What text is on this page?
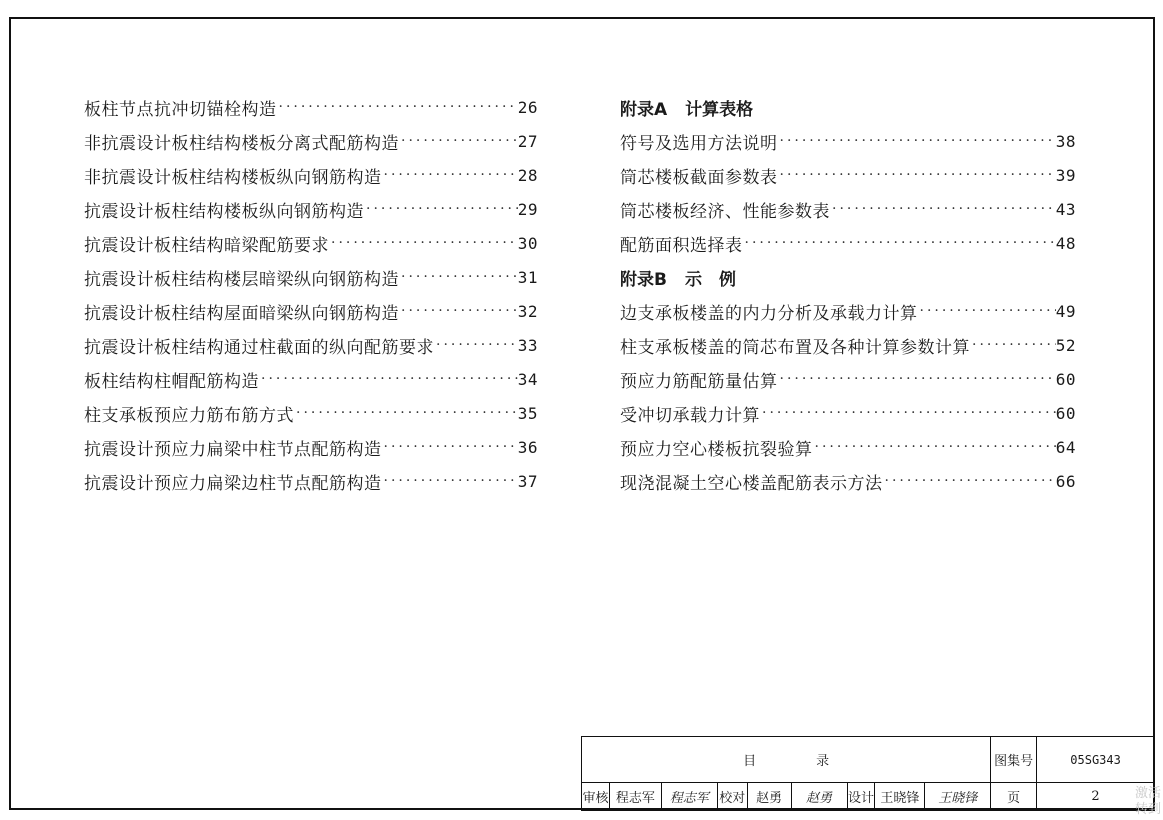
板柱节点抗冲切锚栓构造 ·····	26
非抗震设计板柱结构楼板分离式配筋构造 ·····	27
非抗震设计板柱结构楼板纵向钢筋构造 ·····	28
抗震设计板柱结构楼板纵向钢筋构造 ·····	29
抗震设计板柱结构暗梁配筋要求 ·····	30
抗震设计板柱结构楼层暗梁纵向钢筋构造 ·····	31
抗震设计板柱结构屋面暗梁纵向钢筋构造 ·····	32
抗震设计板柱结构通过柱截面的纵向配筋要求 ·····	33
板柱结构柱帽配筋构造 ·····	34
柱支承板预应力筋布筋方式 ·····	35
抗震设计预应力扁梁中柱节点配筋构造 ·····	36
抗震设计预应力扁梁边柱节点配筋构造 ·····	37
附录A 计算表格
符号及选用方法说明 ·····	38
筒芯楼板截面参数表 ·····	39
筒芯楼板经济、性能参数表 ·····	43
配筋面积选择表 ·····	48
附录B 示　例
边支承板楼盖的内力分析及承载力计算 ·····	49
柱支承板楼盖的筒芯布置及各种计算参数计算 ·····	52
预应力筋配筋量估算 ·····	60
受冲切承载力计算 ·····	60
预应力空心楼板抗裂验算 ·····	64
现浇混凝土空心楼盖配筋表示方法 ·····	66
目录									图集号	05SG343
审核	程志军	程志军	校对	赵勇	赵勇	设计	王晓锋	王晓锋	页	2	激活
转到
